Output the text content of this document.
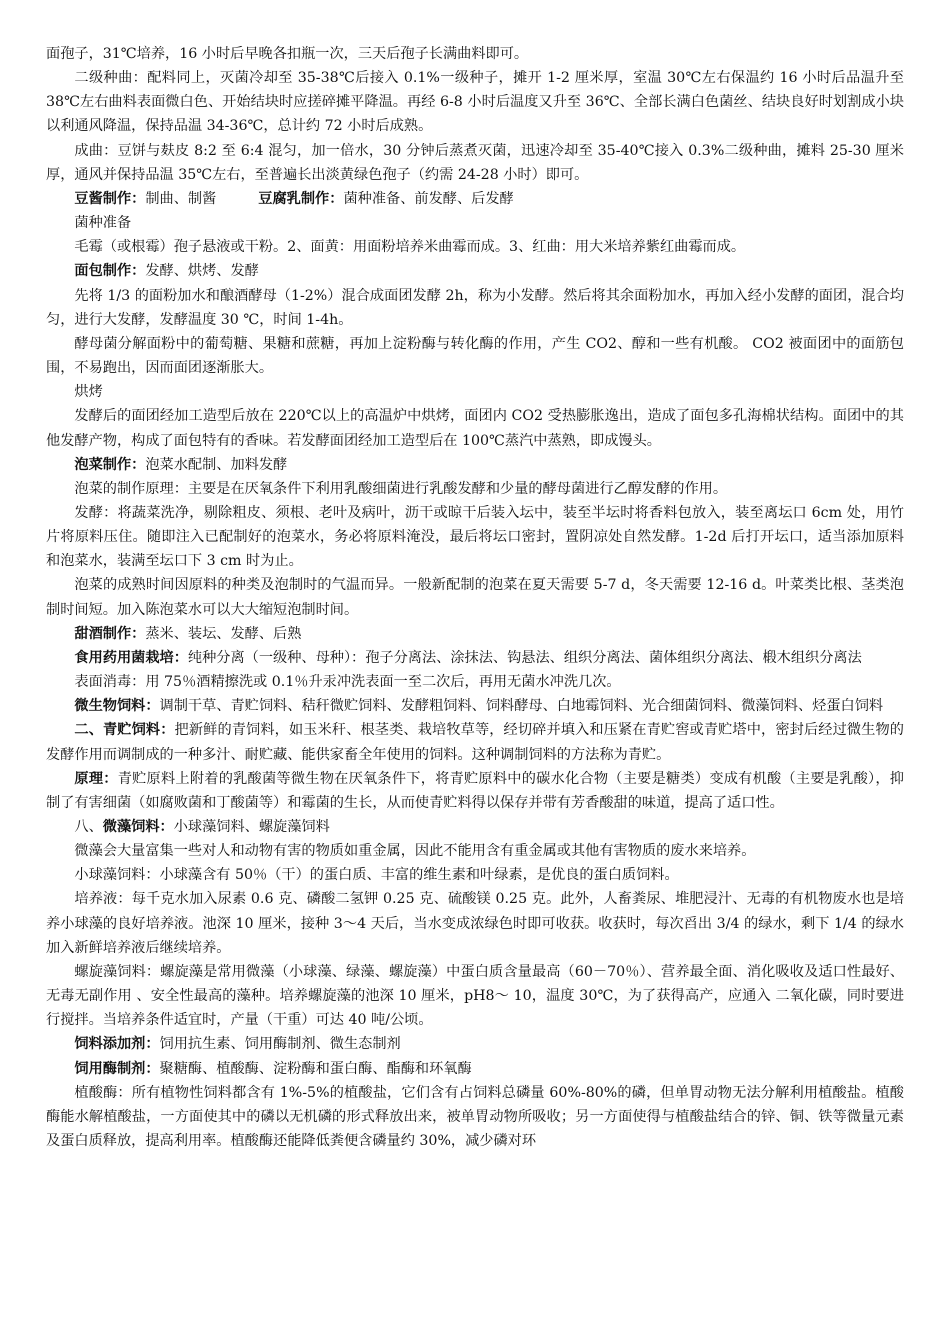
面孢子，31℃培养，16 小时后早晚各扣瓶一次，三天后孢子长满曲料即可。

二级种曲：配料同上，灭菌冷却至 35-38℃后接入 0.1%一级种子，摊开 1-2 厘米厚，室温 30℃左右保温约 16 小时后品温升至 38℃左右曲料表面微白色、开始结块时应搓碎摊平降温。再经 6-8 小时后温度又升至 36℃、全部长满白色菌丝、结块良好时划割成小块以利通风降温，保持品温 34-36℃，总计约 72 小时后成熟。

成曲：豆饼与麸皮 8:2 至 6:4 混匀，加一倍水，30 分钟后蒸煮灭菌，迅速冷却至 35-40℃接入 0.3%二级种曲，摊料 25-30 厘米厚，通风并保持品温 35℃左右，至普遍长出淡黄绿色孢子（约需 24-28 小时）即可。

豆酱制作：制曲、制酱	豆腐乳制作：菌种准备、前发酵、后发酵

菌种准备

毛霉（或根霉）孢子悬液或干粉。2、面黄：用面粉培养米曲霉而成。3、红曲：用大米培养紫红曲霉而成。

面包制作：发酵、烘烤、发酵

先将 1/3 的面粉加水和酿酒酵母（1-2%）混合成面团发酵 2h，称为小发酵。然后将其余面粉加水，再加入经小发酵的面团，混合均匀，进行大发酵，发酵温度 30 ℃，时间 1-4h。

酵母菌分解面粉中的葡萄糖、果糖和蔗糖，再加上淀粉酶与转化酶的作用，产生 CO2、醇和一些有机酸。 CO2 被面团中的面筋包围，不易跑出，因而面团逐渐胀大。

烘烤

发酵后的面团经加工造型后放在 220℃以上的高温炉中烘烤，面团内 CO2 受热膨胀逸出，造成了面包多孔海棉状结构。面团中的其他发酵产物，构成了面包特有的香味。若发酵面团经加工造型后在 100℃蒸汽中蒸熟，即成馒头。

泡菜制作：泡菜水配制、加料发酵

泡菜的制作原理：主要是在厌氧条件下利用乳酸细菌进行乳酸发酵和少量的酵母菌进行乙醇发酵的作用。

发酵：将蔬菜洗净，剔除粗皮、须根、老叶及病叶，沥干或晾干后装入坛中，装至半坛时将香料包放入，装至离坛口 6cm 处，用竹片将原料压住。随即注入已配制好的泡菜水，务必将原料淹没，最后将坛口密封，置阴凉处自然发酵。1-2d 后打开坛口，适当添加原料和泡菜水，装满至坛口下 3 cm 时为止。

泡菜的成熟时间因原料的种类及泡制时的气温而异。一般新配制的泡菜在夏天需要 5-7 d，冬天需要 12-16 d。叶菜类比根、茎类泡制时间短。加入陈泡菜水可以大大缩短泡制时间。

甜酒制作：蒸米、装坛、发酵、后熟

食用药用菌栽培：纯种分离（一级种、母种）：孢子分离法、涂抹法、钩悬法、组织分离法、菌体组织分离法、椴木组织分离法

表面消毒：用 75％酒精擦洗或 0.1％升汞冲洗表面一至二次后，再用无菌水冲洗几次。

微生物饲料：调制干草、青贮饲料、秸秆微贮饲料、发酵粗饲料、饲料酵母、白地霉饲料、光合细菌饲料、微藻饲料、烃蛋白饲料

二、青贮饲料：把新鲜的青饲料，如玉米秆、根茎类、栽培牧草等，经切碎并填入和压紧在青贮窖或青贮塔中，密封后经过微生物的发酵作用而调制成的一种多汁、耐贮藏、能供家畜全年使用的饲料。这种调制饲料的方法称为青贮。

原理：青贮原料上附着的乳酸菌等微生物在厌氧条件下，将青贮原料中的碳水化合物（主要是糖类）变成有机酸（主要是乳酸），抑制了有害细菌（如腐败菌和丁酸菌等）和霉菌的生长，从而使青贮料得以保存并带有芳香酸甜的味道，提高了适口性。

八、微藻饲料：小球藻饲料、螺旋藻饲料

微藻会大量富集一些对人和动物有害的物质如重金属，因此不能用含有重金属或其他有害物质的废水来培养。

小球藻饲料：小球藻含有 50％（干）的蛋白质、丰富的维生素和叶绿素，是优良的蛋白质饲料。

培养液：每千克水加入尿素 0.6 克、磷酸二氢钾 0.25 克、硫酸镁 0.25 克。此外，人畜粪尿、堆肥浸汁、无毒的有机物废水也是培养小球藻的良好培养液。池深 10 厘米，接种 3～4 天后，当水变成浓绿色时即可收获。收获时，每次舀出 3/4 的绿水，剩下 1/4 的绿水加入新鲜培养液后继续培养。

螺旋藻饲料：螺旋藻是常用微藻（小球藻、绿藻、螺旋藻）中蛋白质含量最高（60－70％）、营养最全面、消化吸收及适口性最好、无毒无副作用 、安全性最高的藻种。培养螺旋藻的池深 10 厘米，pH8～ 10，温度 30℃，为了获得高产，应通入 二氧化碳，同时要进行搅拌。当培养条件适宜时，产量（干重）可达 40 吨/公顷。

饲料添加剂：饲用抗生素、饲用酶制剂、微生态制剂

饲用酶制剂：聚糖酶、植酸酶、淀粉酶和蛋白酶、酯酶和环氧酶

植酸酶：所有植物性饲料都含有 1%-5%的植酸盐，它们含有占饲料总磷量 60%-80%的磷，但单胃动物无法分解利用植酸盐。植酸酶能水解植酸盐，一方面使其中的磷以无机磷的形式释放出来，被单胃动物所吸收；另一方面使得与植酸盐结合的锌、铜、铁等微量元素及蛋白质释放，提高利用率。植酸酶还能降低粪便含磷量约 30%，减少磷对环
